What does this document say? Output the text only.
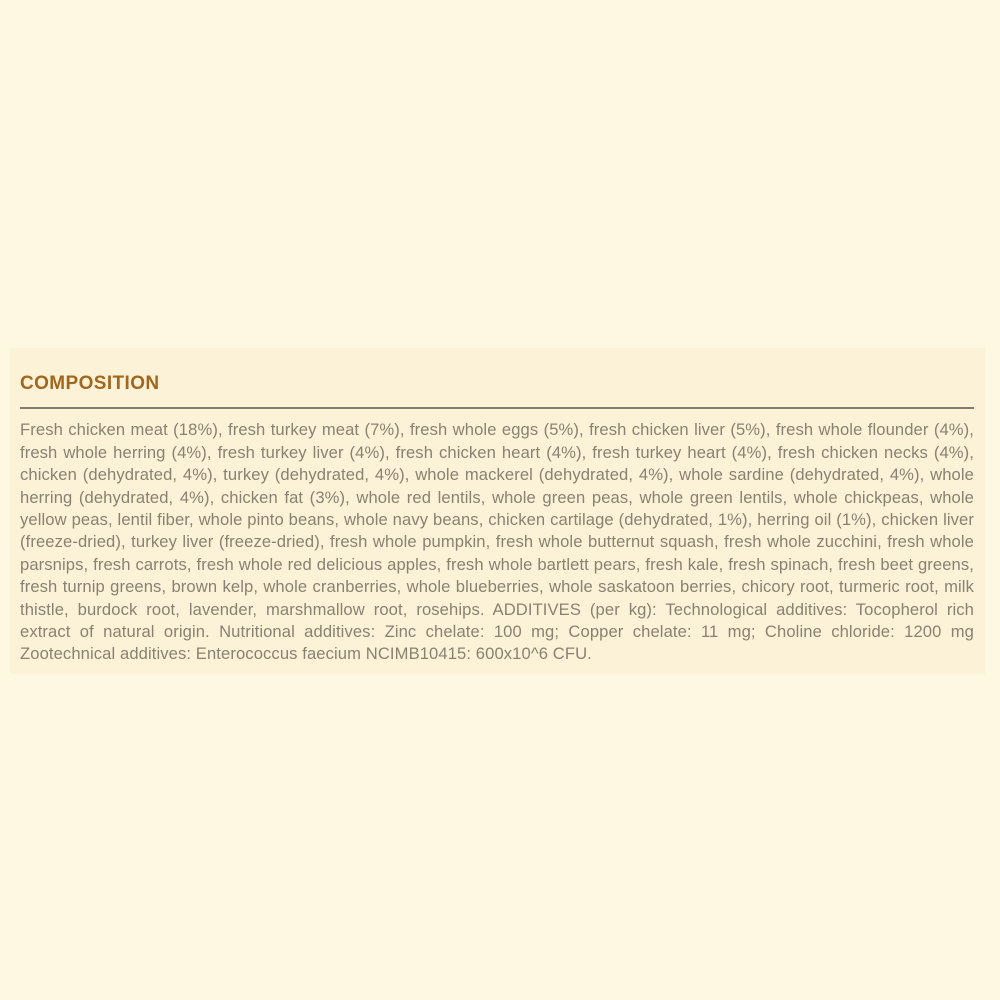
COMPOSITION

Fresh chicken meat (18%), fresh turkey meat (7%), fresh whole eggs (5%), fresh chicken liver (5%), fresh whole flounder (4%), fresh whole herring (4%), fresh turkey liver (4%), fresh chicken heart (4%), fresh turkey heart (4%), fresh chicken necks (4%), chicken (dehydrated, 4%), turkey (dehydrated, 4%), whole mackerel (dehydrated, 4%), whole sardine (dehydrated, 4%), whole herring (dehydrated, 4%), chicken fat (3%), whole red lentils, whole green peas, whole green lentils, whole chickpeas, whole yellow peas, lentil fiber, whole pinto beans, whole navy beans, chicken cartilage (dehydrated, 1%), herring oil (1%), chicken liver (freeze-dried), turkey liver (freeze-dried), fresh whole pumpkin, fresh whole butternut squash, fresh whole zucchini, fresh whole parsnips, fresh carrots, fresh whole red delicious apples, fresh whole bartlett pears, fresh kale, fresh spinach, fresh beet greens, fresh turnip greens, brown kelp, whole cranberries, whole blueberries, whole saskatoon berries, chicory root, turmeric root, milk thistle, burdock root, lavender, marshmallow root, rosehips. ADDITIVES (per kg): Technological additives: Tocopherol rich extract of natural origin. Nutritional additives: Zinc chelate: 100 mg; Copper chelate: 11 mg; Choline chloride: 1200 mg Zootechnical additives: Enterococcus faecium NCIMB10415: 600x10^6 CFU.
